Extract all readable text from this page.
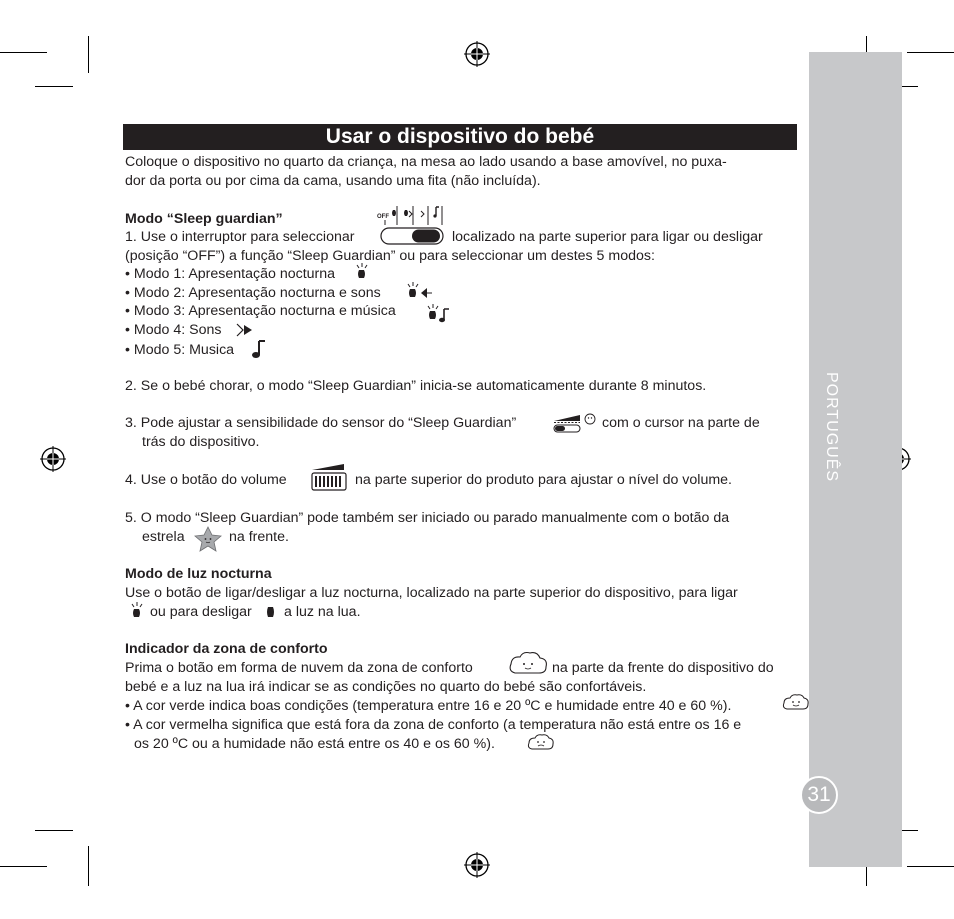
PORTUGUÊS
31
Usar o dispositivo do bebé
Coloque o dispositivo no quarto da criança, na mesa ao lado usando a base amovível, no puxa-
dor da porta ou por cima da cama, usando uma fita (não incluída).
Modo “Sleep guardian”	OFF
1. Use o interruptor para seleccionar	localizado na parte superior para ligar ou desligar
(posição “OFF”) a função “Sleep Guardian” ou para seleccionar um destes 5 modos:
• Modo 1: Apresentação nocturna
• Modo 2: Apresentação nocturna e sons
• Modo 3: Apresentação nocturna e música
• Modo 4: Sons
• Modo 5: Musica
2. Se o bebé chorar, o modo “Sleep Guardian” inicia-se automaticamente durante 8 minutos.
3. Pode ajustar a sensibilidade do sensor do “Sleep Guardian”	com o cursor na parte de
trás do dispositivo.
4. Use o botão do volume	na parte superior do produto para ajustar o nível do volume.
5. O modo “Sleep Guardian” pode também ser iniciado ou parado manualmente com o botão da
estrela	na frente.
Modo de luz nocturna
Use o botão de ligar/desligar a luz nocturna, localizado na parte superior do dispositivo, para ligar
ou para desligar a luz na lua.
Indicador da zona de conforto
Prima o botão em forma de nuvem da zona de conforto	na parte da frente do dispositivo do
bebé e a luz na lua irá indicar se as condições no quarto do bebé são confortáveis.
• A cor verde indica boas condições (temperatura entre 16 e 20 ºC e humidade entre 40 e 60 %).
• A cor vermelha significa que está fora da zona de conforto (a temperatura não está entre os 16 e
os 20 ºC ou a humidade não está entre os 40 e os 60 %).
